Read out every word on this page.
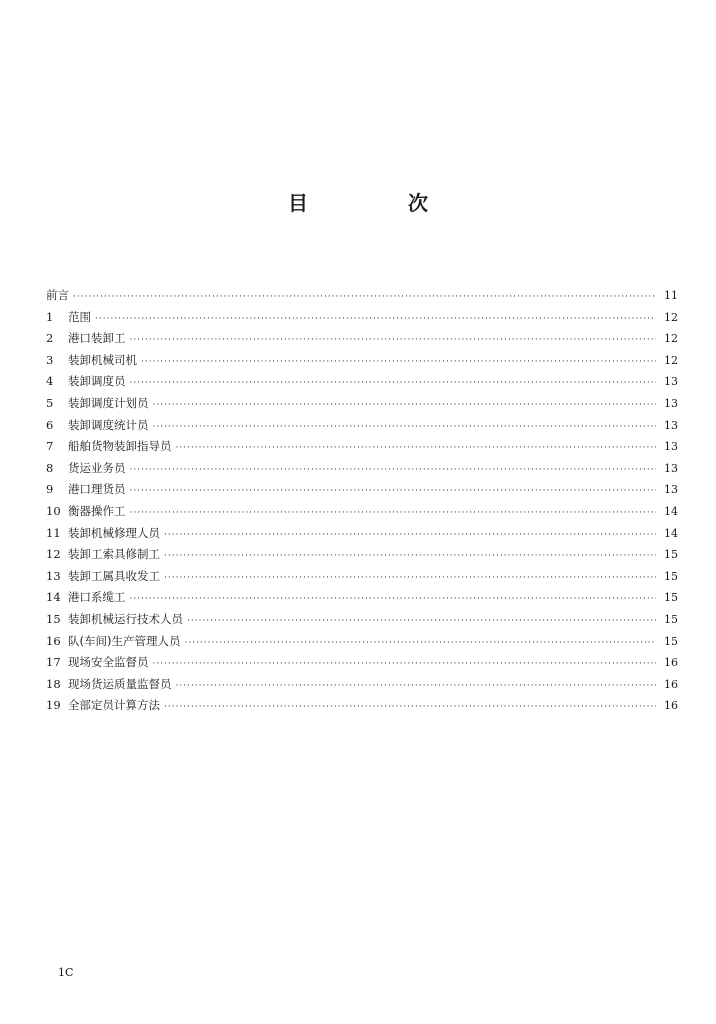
目　次
前言 ·····	11
1	范围 ·····	12
2	港口装卸工 ·····	12
3	装卸机械司机 ·····	12
4	装卸调度员 ·····	13
5	装卸调度计划员 ·····	13
6	装卸调度统计员 ·····	13
7	船舶货物装卸指导员 ·····	13
8	货运业务员 ·····	13
9	港口理货员 ·····	13
10 衡器操作工 ·····	14
11 装卸机械修理人员 ·····	14
12 装卸工索具修制工 ·····	15
13 装卸工属具收发工 ·····	15
14 港口系缆工 ·····	15
15 装卸机械运行技术人员 ·····	15
16 队(车间)生产管理人员 ·····	15
17 现场安全监督员 ·····	16
18 现场货运质量监督员 ·····	16
19 全部定员计算方法 ·····	16
1C
